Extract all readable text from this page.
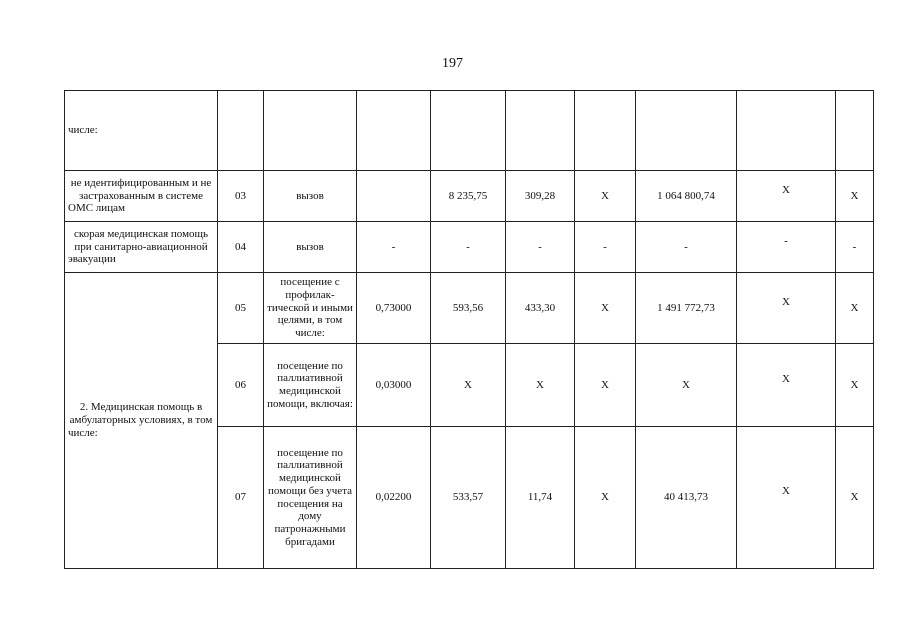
197
числе:									
не идентифицированным и не застрахованным в системе ОМС лицам	03	вызов		8 235,75	309,28	X	1 064 800,74	X	X
скорая медицинская помощь при санитарно-авиационной эвакуации	04	вызов	-	-	-	-	-	-	-
2. Медицинская помощь в амбулаторных условиях, в том числе:	05	посещение с профилак-тической и иными целями, в том числе:	0,73000	593,56	433,30	X	1 491 772,73	X	X
	06	посещение по паллиативной медицинской помощи, включая:	0,03000	X	X	X	X	X	X
	07	посещение по паллиативной медицинской помощи без учета посещения на дому патронажными бригадами	0,02200	533,57	11,74	X	40 413,73	X	X
